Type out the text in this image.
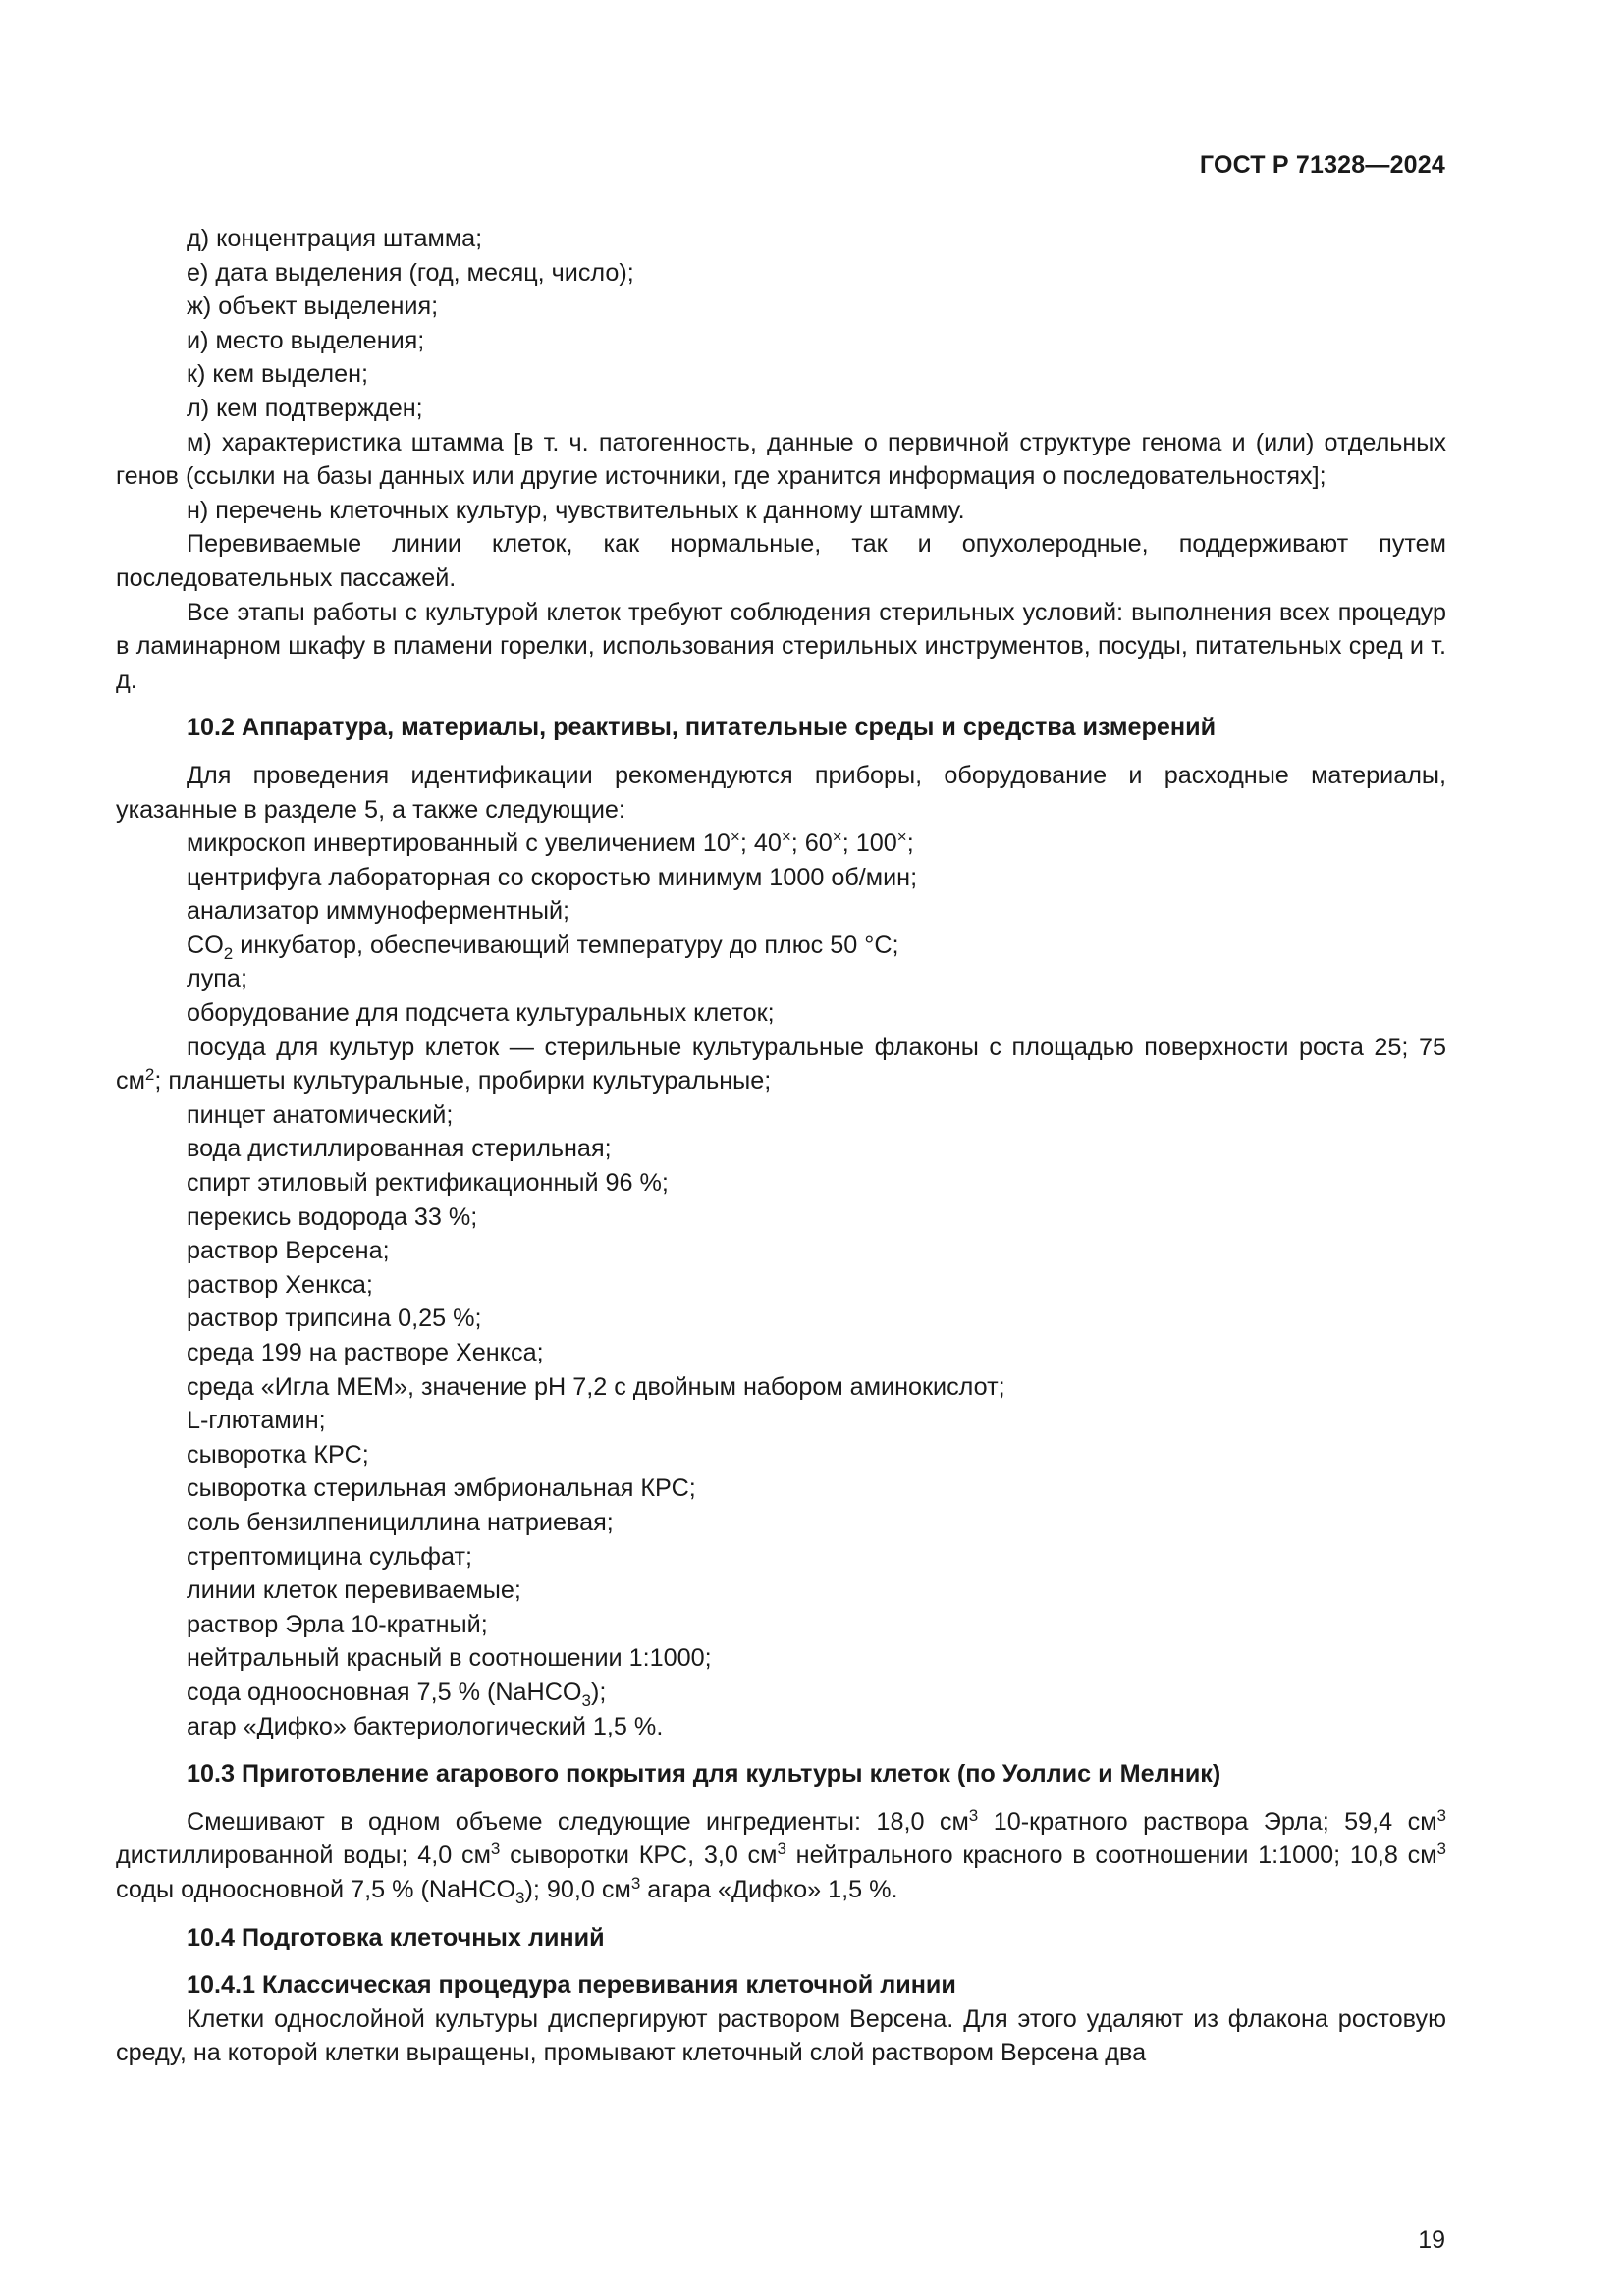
ГОСТ Р 71328—2024

д) концентрация штамма;

е) дата выделения (год, месяц, число);

ж) объект выделения;

и) место выделения;

к) кем выделен;

л) кем подтвержден;

м) характеристика штамма [в т. ч. патогенность, данные о первичной структуре генома и (или) отдельных генов (ссылки на базы данных или другие источники, где хранится информация о последовательностях];

н) перечень клеточных культур, чувствительных к данному штамму.

Перевиваемые линии клеток, как нормальные, так и опухолеродные, поддерживают путем последовательных пассажей.

Все этапы работы с культурой клеток требуют соблюдения стерильных условий: выполнения всех процедур в ламинарном шкафу в пламени горелки, использования стерильных инструментов, посуды, питательных сред и т. д.

10.2 Аппаратура, материалы, реактивы, питательные среды и средства измерений

Для проведения идентификации рекомендуются приборы, оборудование и расходные материалы, указанные в разделе 5, а также следующие:

микроскоп инвертированный с увеличением 10×; 40×; 60×; 100×;

центрифуга лабораторная со скоростью минимум 1000 об/мин;

анализатор иммуноферментный;

$CO_2$ инкубатор, обеспечивающий температуру до плюс 50 °C;

лупа;

оборудование для подсчета культуральных клеток;

посуда для культур клеток — стерильные культуральные флаконы с площадью поверхности роста 25; 75 $см^2$; планшеты культуральные, пробирки культуральные;

пинцет анатомический;

вода дистиллированная стерильная;

спирт этиловый ректификационный 96 %;

перекись водорода 33 %;

раствор Версена;

раствор Хенкса;

раствор трипсина 0,25 %;

среда 199 на растворе Хенкса;

среда «Игла МЕМ», значение pH 7,2 с двойным набором аминокислот;

L-глютамин;

сыворотка КРС;

сыворотка стерильная эмбриональная КРС;

соль бензилпенициллина натриевая;

стрептомицина сульфат;

линии клеток перевиваемые;

раствор Эрла 10-кратный;

нейтральный красный в соотношении 1:1000;

сода одноосновная 7,5 % (NaHCO$_3$);

агар «Дифко» бактериологический 1,5 %.

10.3 Приготовление агарового покрытия для культуры клеток (по Уоллис и Мелник)

Смешивают в одном объеме следующие ингредиенты: 18,0 $см^3$ 10-кратного раствора Эрла; 59,4 $см^3$ дистиллированной воды; 4,0 $см^3$ сыворотки КРС, 3,0 $см^3$ нейтрального красного в соотношении 1:1000; 10,8 $см^3$ соды одноосновной 7,5 % (NaHCO$_3$); 90,0 $см^3$ агара «Дифко» 1,5 %.

10.4 Подготовка клеточных линий

10.4.1 Классическая процедура перевивания клеточной линии

Клетки однослойной культуры диспергируют раствором Версена. Для этого удаляют из флакона ростовую среду, на которой клетки выращены, промывают клеточный слой раствором Версена два

19
